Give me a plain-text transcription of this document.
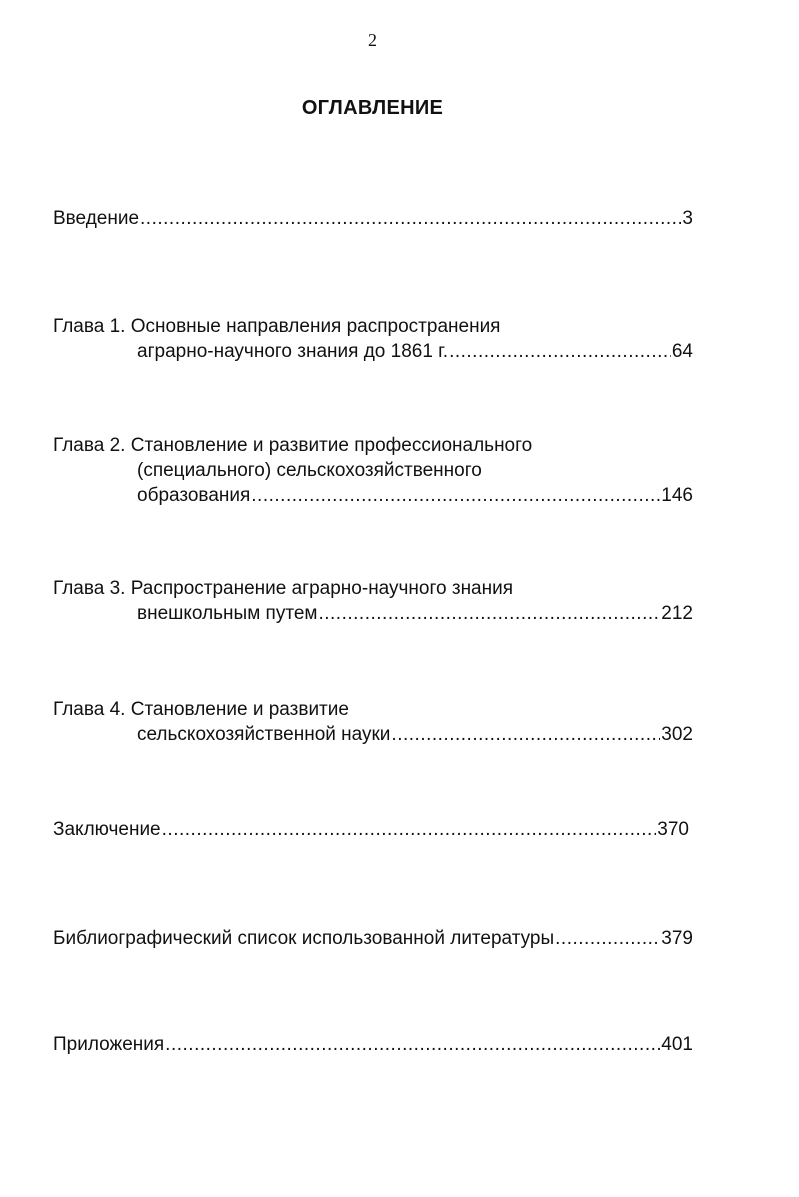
2
ОГЛАВЛЕНИЕ
Введение .....	3
Глава 1. Основные направления распространения
аграрно-научного знания до 1861 г. .....	64
Глава 2. Становление и развитие профессионального
(специального) сельскохозяйственного
образования .....	146
Глава 3. Распространение аграрно-научного знания
внешкольным путем .....	212
Глава 4. Становление и развитие
сельскохозяйственной науки .....	302
Заключение .....	370
Библиографический список использованной литературы .....	379
Приложения .....	401
